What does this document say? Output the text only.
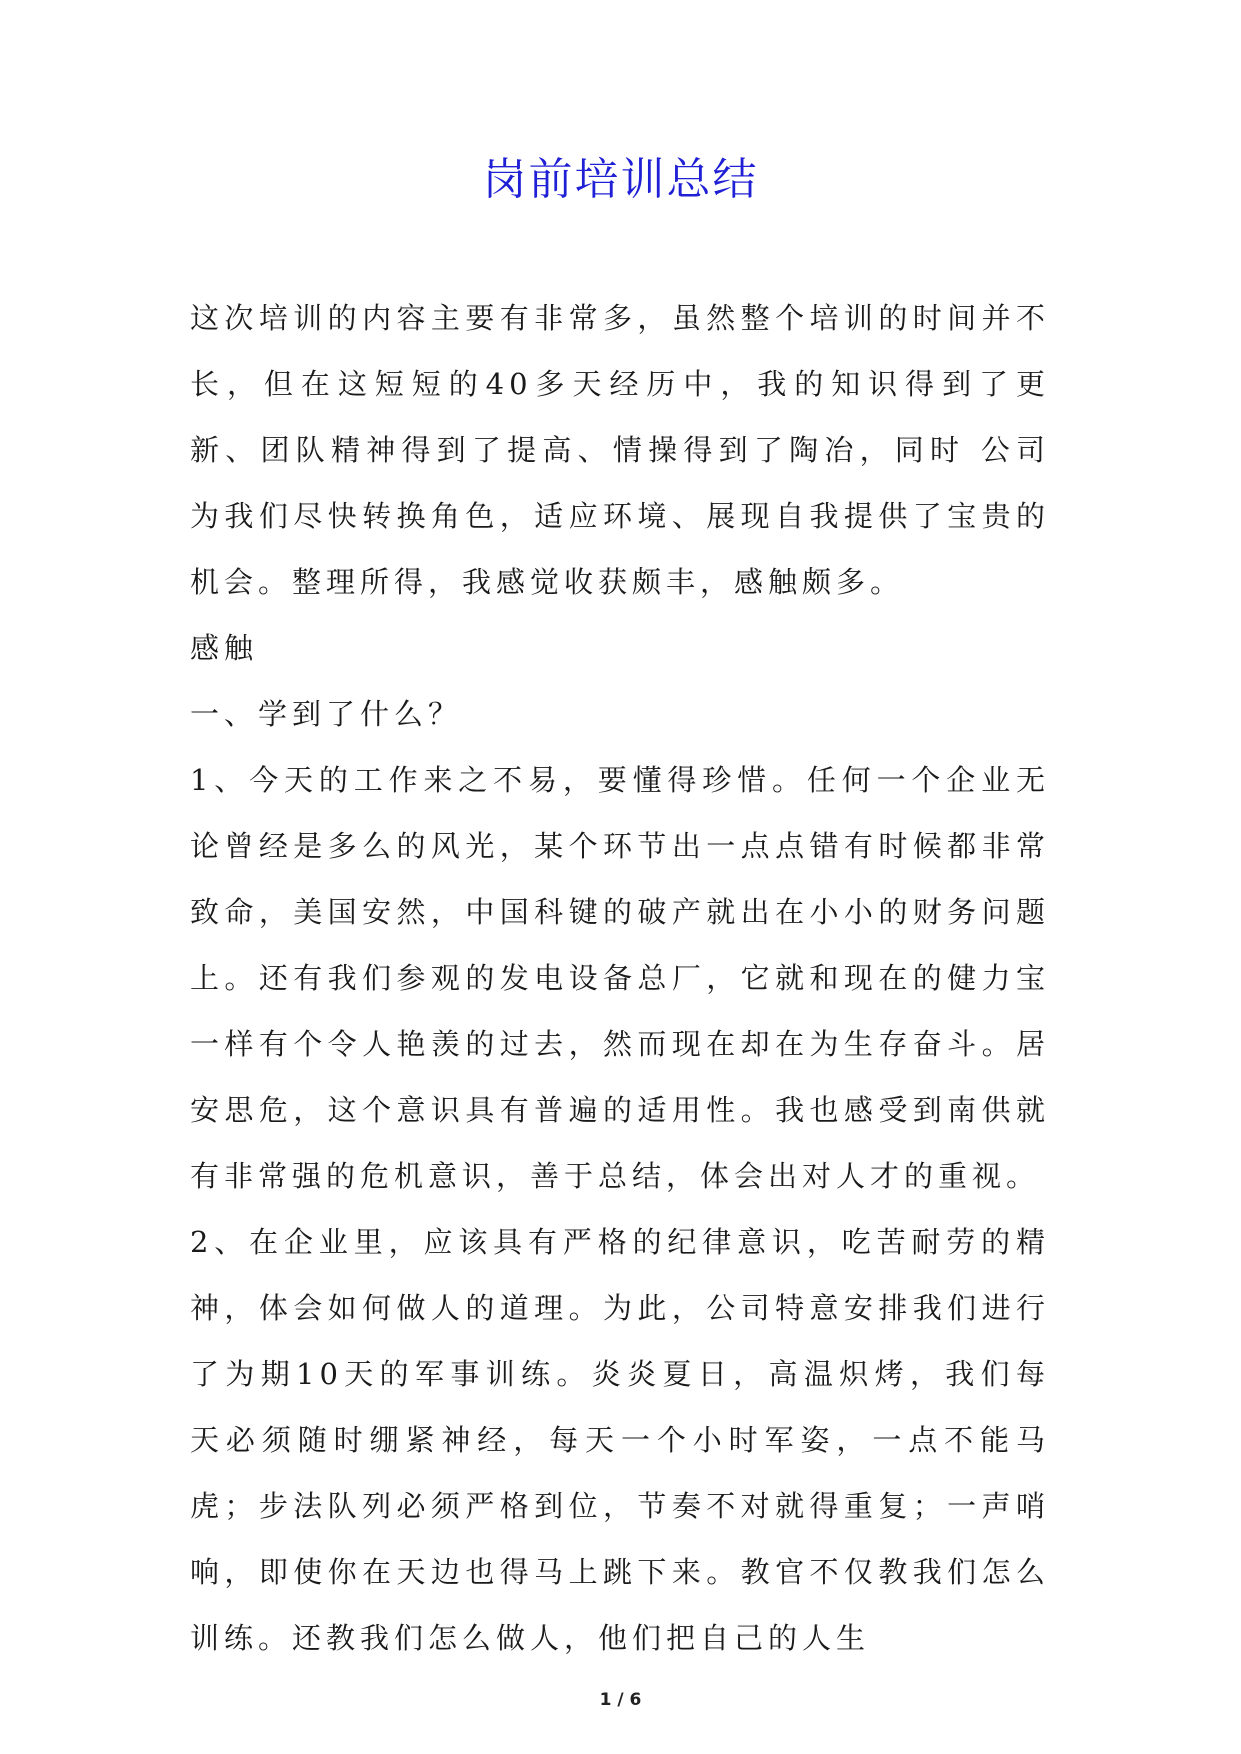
岗前培训总结

这次培训的内容主要有非常多，虽然整个培训的时间并不长，但在这短短的40多天经历中，我的知识得到了更新、团队精神得到了提高、情操得到了陶冶，同时 公司为我们尽快转换角色，适应环境、展现自我提供了宝贵的机会。整理所得，我感觉收获颇丰，感触颇多。

感触

一、学到了什么？

1、今天的工作来之不易，要懂得珍惜。任何一个企业无论曾经是多么的风光，某个环节出一点点错有时候都非常致命，美国安然，中国科键的破产就出在小小的财务问题上。还有我们参观的发电设备总厂，它就和现在的健力宝一样有个令人艳羡的过去，然而现在却在为生存奋斗。居安思危，这个意识具有普遍的适用性。我也感受到南供就有非常强的危机意识，善于总结，体会出对人才的重视。

2、在企业里，应该具有严格的纪律意识，吃苦耐劳的精神，体会如何做人的道理。为此，公司特意安排我们进行了为期10天的军事训练。炎炎夏日，高温炽烤，我们每天必须随时绷紧神经，每天一个小时军姿，一点不能马虎；步法队列必须严格到位，节奏不对就得重复；一声哨响，即使你在天边也得马上跳下来。教官不仅教我们怎么训练。还教我们怎么做人，他们把自己的人生

1 / 6
